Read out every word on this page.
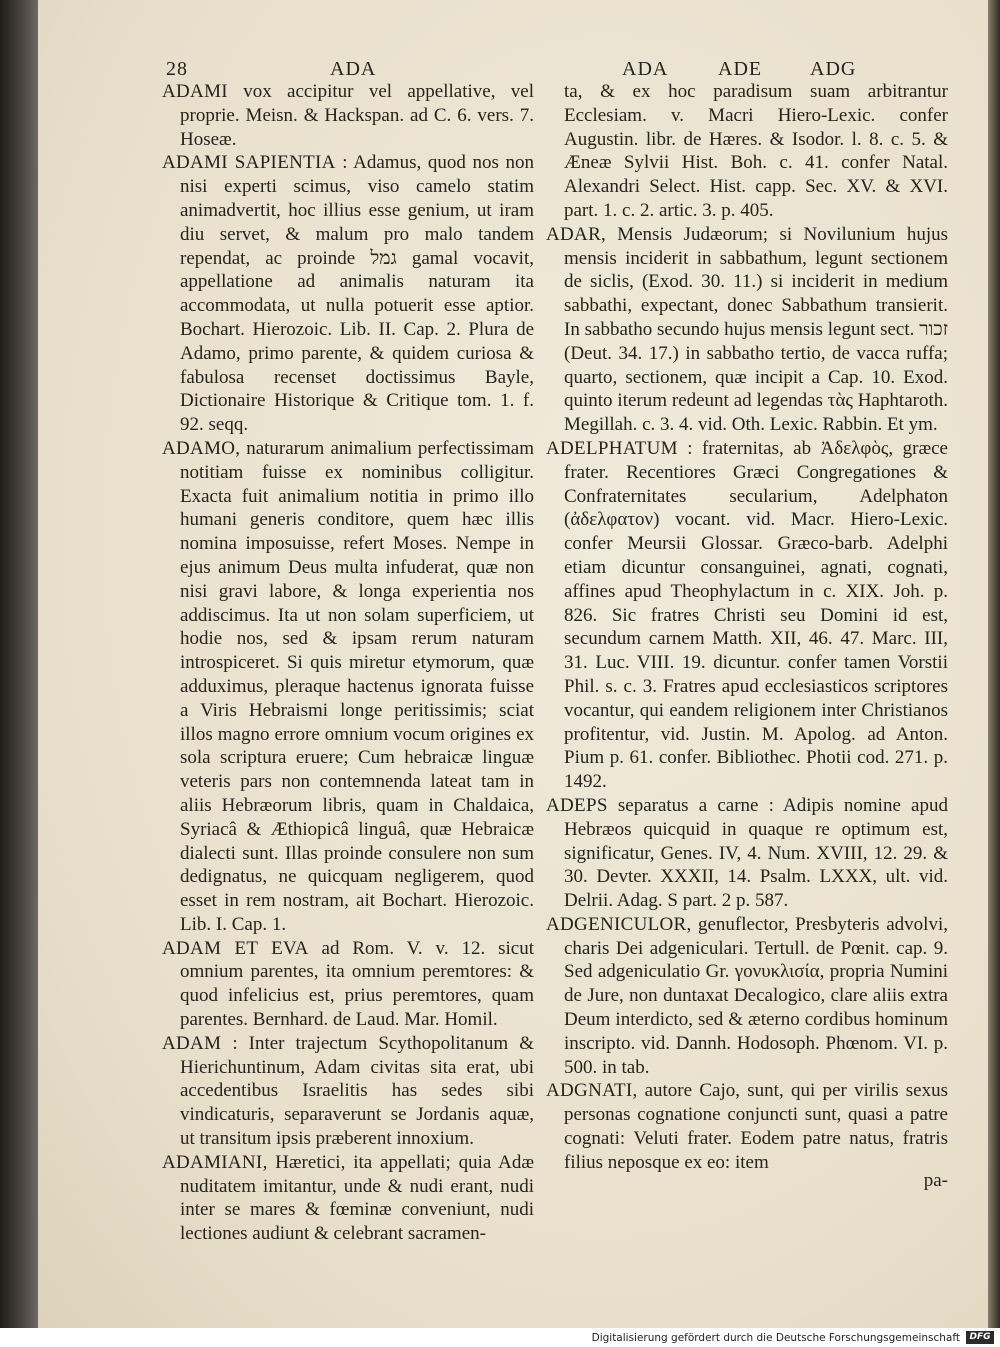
28	ADA	ADA ADE ADG

ADAMI vox accipitur vel appellative, vel proprie. Meisn. & Hackspan. ad C. 6. vers. 7. Hoseæ.

ADAMI SAPIENTIA : Adamus, quod nos non nisi experti scimus, viso camelo statim animadvertit, hoc illius esse genium, ut iram diu servet, & malum pro malo tandem rependat, ac proinde גמל gamal vocavit, appellatione ad animalis naturam ita accommodata, ut nulla potuerit esse aptior. Bochart. Hierozoic. Lib. II. Cap. 2. Plura de Adamo, primo parente, & quidem curiosa & fabulosa recenset doctissimus Bayle, Dictionaire Historique & Critique tom. 1. f. 92. seqq.

ADAMO, naturarum animalium perfectissimam notitiam fuisse ex nominibus colligitur. Exacta fuit animalium notitia in primo illo humani generis conditore, quem hæc illis nomina imposuisse, refert Moses. Nempe in ejus animum Deus multa infuderat, quæ non nisi gravi labore, & longa experientia nos addiscimus. Ita ut non solam superficiem, ut hodie nos, sed & ipsam rerum naturam introspiceret. Si quis miretur etymorum, quæ adduximus, pleraque hactenus ignorata fuisse a Viris Hebraismi longe peritissimis; sciat illos magno errore omnium vocum origines ex sola scriptura eruere; Cum hebraicæ linguæ veteris pars non contemnenda lateat tam in aliis Hebræorum libris, quam in Chaldaica, Syriacâ & Æthiopicâ linguâ, quæ Hebraicæ dialecti sunt. Illas proinde consulere non sum dedignatus, ne quicquam negligerem, quod esset in rem nostram, ait Bochart. Hierozoic. Lib. I. Cap. 1.

ADAM ET EVA ad Rom. V. v. 12. sicut omnium parentes, ita omnium peremtores: & quod infelicius est, prius peremtores, quam parentes. Bernhard. de Laud. Mar. Homil.

ADAM : Inter trajectum Scythopolitanum & Hierichuntinum, Adam civitas sita erat, ubi accedentibus Israelitis has sedes sibi vindicaturis, separaverunt se Jordanis aquæ, ut transitum ipsis præberent innoxium.

ADAMIANI, Hæretici, ita appellati; quia Adæ nuditatem imitantur, unde & nudi erant, nudi inter se mares & fœminæ conveniunt, nudi lectiones audiunt & celebrant sacramen-

ta, & ex hoc paradisum suam arbitrantur Ecclesiam. v. Macri Hiero-Lexic. confer Augustin. libr. de Hæres. & Isodor. l. 8. c. 5. & Æneæ Sylvii Hist. Boh. c. 41. confer Natal. Alexandri Select. Hist. capp. Sec. XV. & XVI. part. 1. c. 2. artic. 3. p. 405.

ADAR, Mensis Judæorum; si Novilunium hujus mensis inciderit in sabbathum, legunt sectionem de siclis, (Exod. 30. 11.) si inciderit in medium sabbathi, expectant, donec Sabbathum transierit. In sabbatho secundo hujus mensis legunt sect. זכור (Deut. 34. 17.) in sabbatho tertio, de vacca ruffa; quarto, sectionem, quæ incipit a Cap. 10. Exod. quinto iterum redeunt ad legendas τὰς Haphtaroth. Megillah. c. 3. 4. vid. Oth. Lexic. Rabbin. Et ym.

ADELPHATUM : fraternitas, ab Ἀδελφὸς, græce frater. Recentiores Græci Congregationes & Confraternitates secularium, Adelphaton (ἀδελφατον) vocant. vid. Macr. Hiero-Lexic. confer Meursii Glossar. Græco-barb. Adelphi etiam dicuntur consanguinei, agnati, cognati, affines apud Theophylactum in c. XIX. Joh. p. 826. Sic fratres Christi seu Domini id est, secundum carnem Matth. XII, 46. 47. Marc. III, 31. Luc. VIII. 19. dicuntur. confer tamen Vorstii Phil. s. c. 3. Fratres apud ecclesiasticos scriptores vocantur, qui eandem religionem inter Christianos profitentur, vid. Justin. M. Apolog. ad Anton. Pium p. 61. confer. Bibliothec. Photii cod. 271. p. 1492.

ADEPS separatus a carne : Adipis nomine apud Hebræos quicquid in quaque re optimum est, significatur, Genes. IV, 4. Num. XVIII, 12. 29. & 30. Devter. XXXII, 14. Psalm. LXXX, ult. vid. Delrii. Adag. S part. 2 p. 587.

ADGENICULOR, genuflector, Presbyteris advolvi, charis Dei adgeniculari. Tertull. de Pœnit. cap. 9. Sed adgeniculatio Gr. γονυκλισία, propria Numini de Jure, non duntaxat Decalogico, clare aliis extra Deum interdicto, sed & æterno cordibus hominum inscripto. vid. Dannh. Hodosoph. Phœnom. VI. p. 500. in tab.

ADGNATI, autore Cajo, sunt, qui per virilis sexus personas cognatione conjuncti sunt, quasi a patre cognati: Veluti frater. Eodem patre natus, fratris filius neposque ex eo: item

pa-
Digitalisierung gefördert durch die Deutsche Forschungsgemeinschaft	DFG
